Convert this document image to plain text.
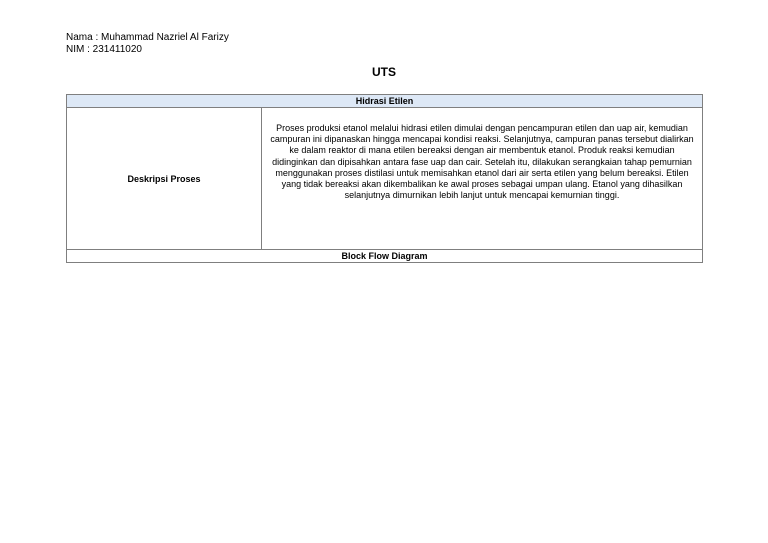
Nama : Muhammad Nazriel Al Farizy
NIM : 231411020
UTS
Hidrasi Etilen
Deskripsi Proses	Proses produksi etanol melalui hidrasi etilen dimulai dengan pencampuran etilen dan uap air, kemudian campuran ini dipanaskan hingga mencapai kondisi reaksi. Selanjutnya, campuran panas tersebut dialirkan ke dalam reaktor di mana etilen bereaksi dengan air membentuk etanol. Produk reaksi kemudian didinginkan dan dipisahkan antara fase uap dan cair. Setelah itu, dilakukan serangkaian tahap pemurnian menggunakan proses distilasi untuk memisahkan etanol dari air serta etilen yang belum bereaksi. Etilen yang tidak bereaksi akan dikembalikan ke awal proses sebagai umpan ulang. Etanol yang dihasilkan selanjutnya dimurnikan lebih lanjut untuk mencapai kemurnian tinggi.
Block Flow Diagram
